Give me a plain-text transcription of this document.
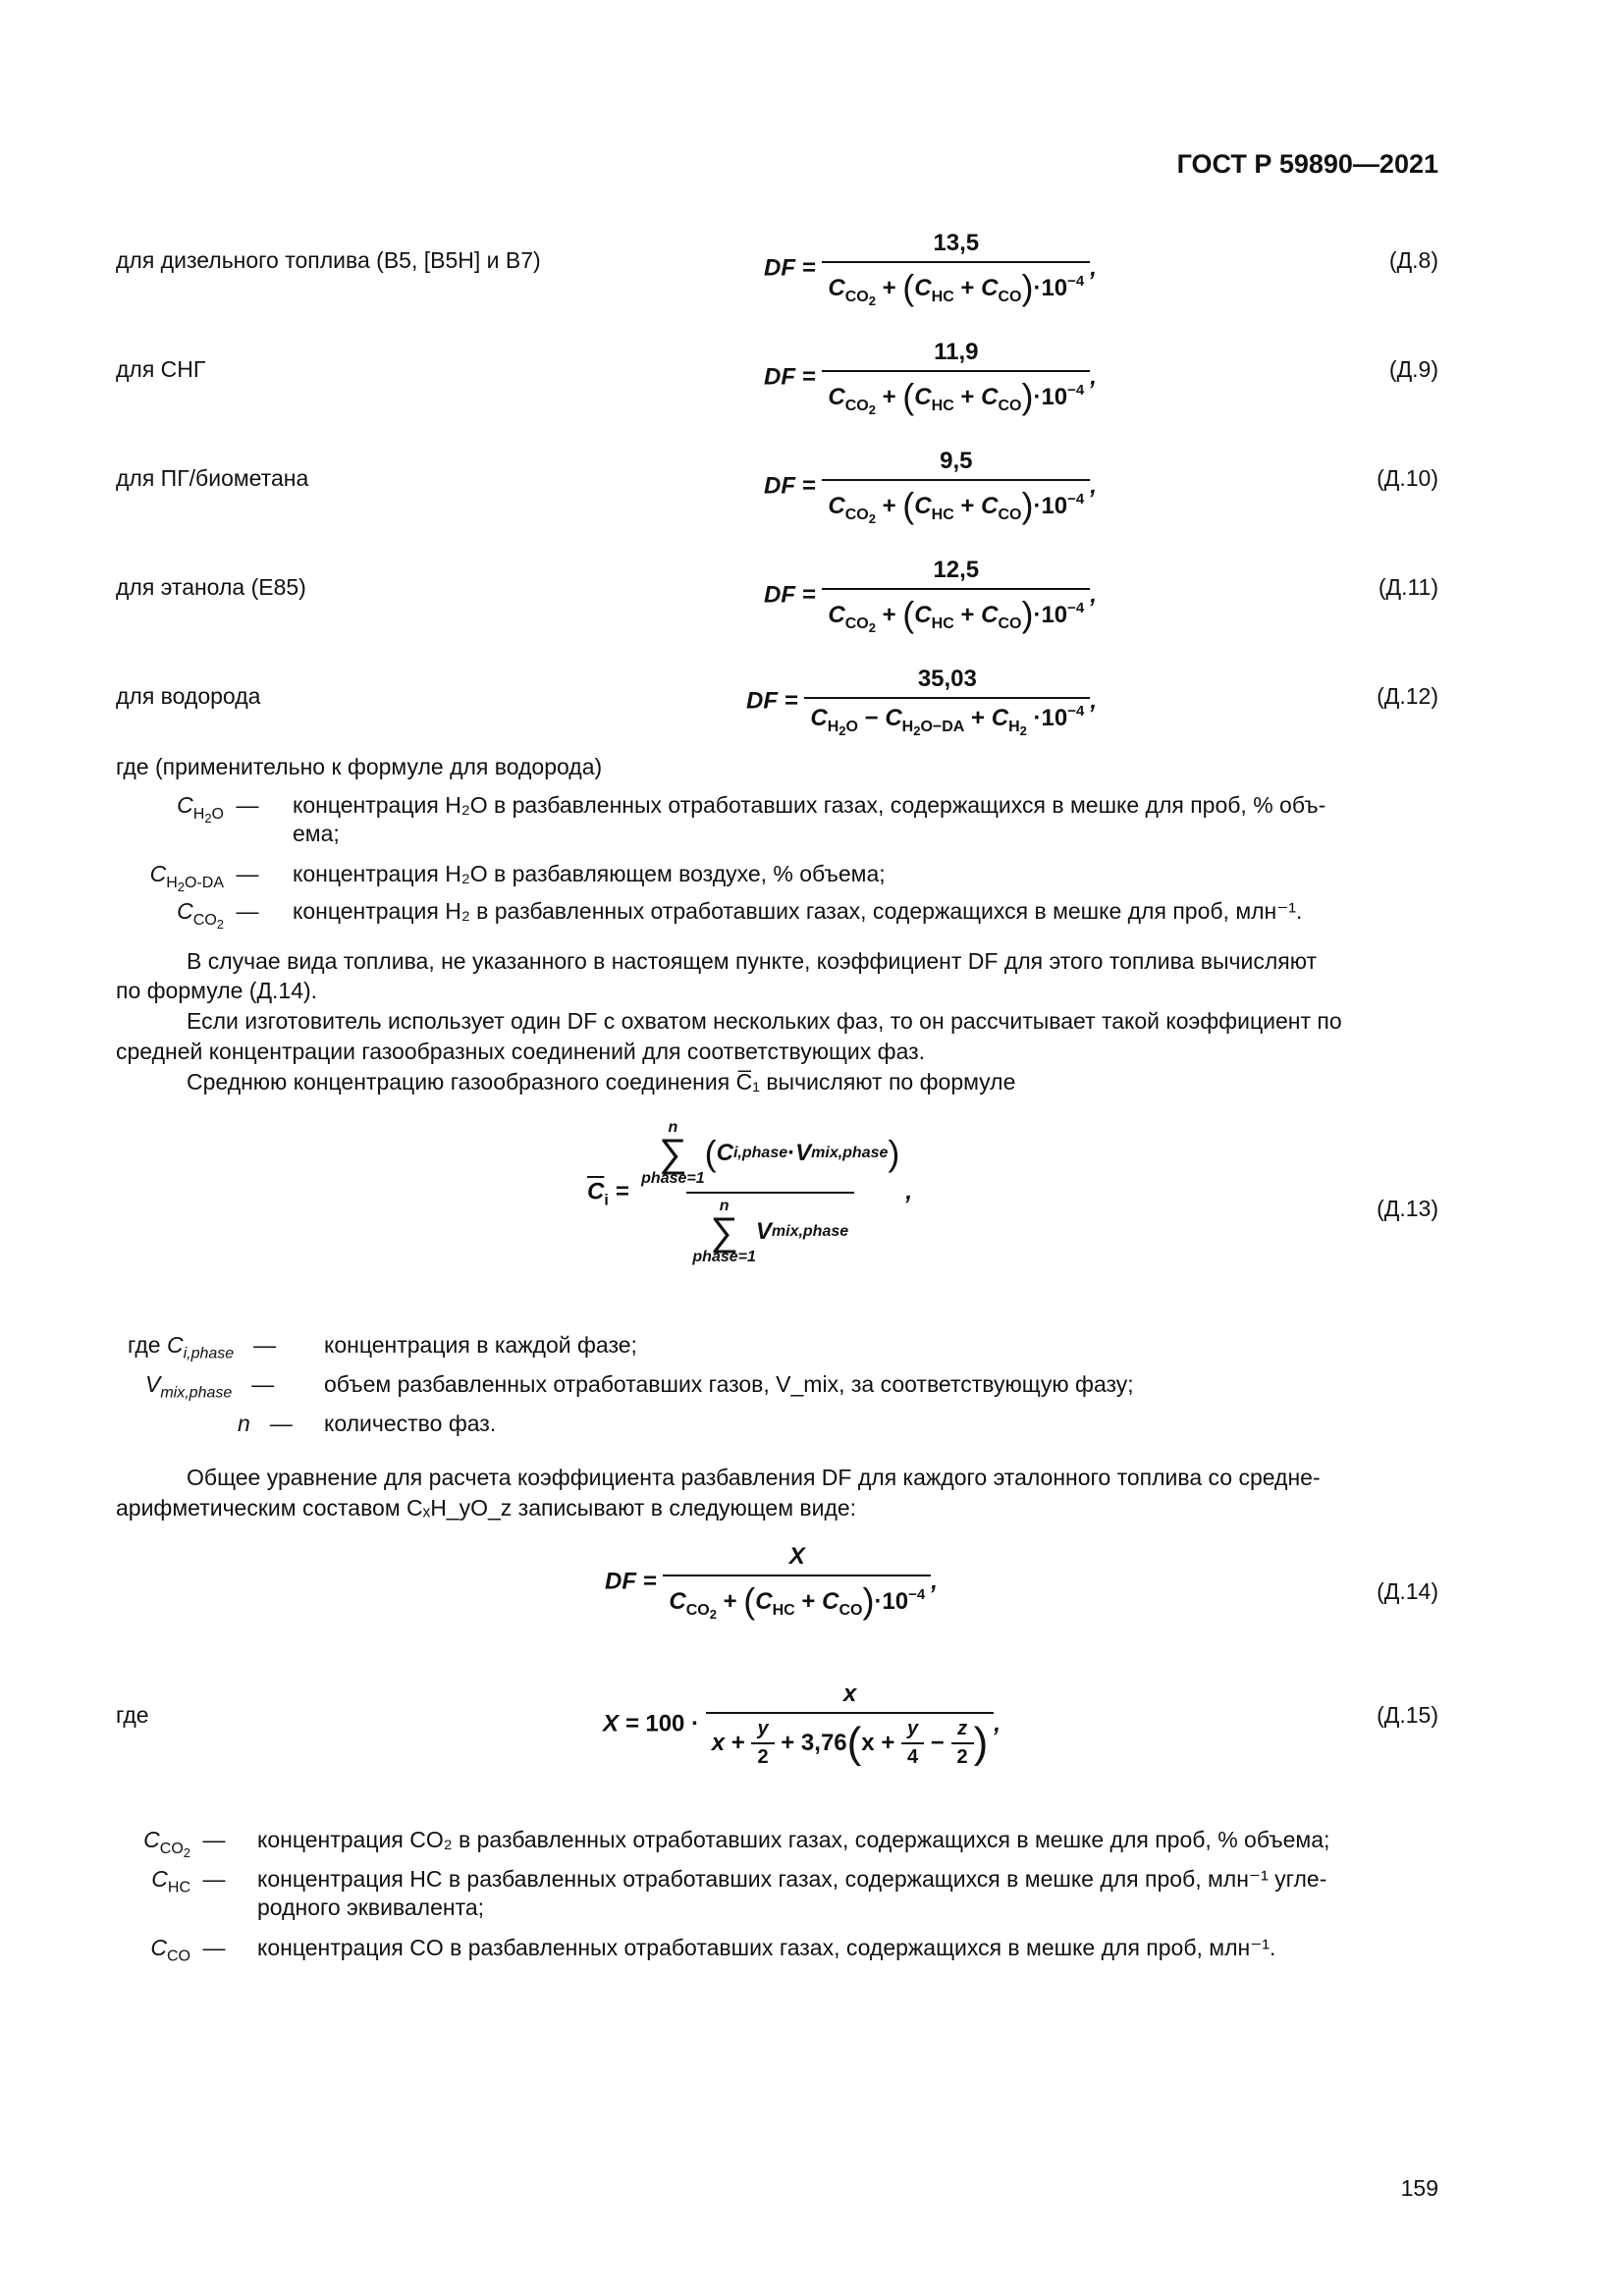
ГОСТ Р 59890—2021
для дизельного топлива (B5, [B5H] и B7)	DF = $\frac{13,5}{C_{CO_2} + (C_{HC} + C_{CO})\cdot 10^{-4}}$ ,	(Д.8)
для СНГ	DF = $\frac{11,9}{C_{CO_2} + (C_{HC} + C_{CO})\cdot 10^{-4}}$ ,	(Д.9)
для ПГ/биометана	DF = $\frac{9,5}{C_{CO_2} + (C_{HC} + C_{CO})\cdot 10^{-4}}$ ,	(Д.10)
для этанола (E85)	DF = $\frac{12,5}{C_{CO_2} + (C_{HC} + C_{CO})\cdot 10^{-4}}$ ,	(Д.11)
для водорода	DF = $\frac{35,03}{C_{H_2O} - C_{H_2O-DA} + C_{H_2} \cdot 10^{-4}}$ ,	(Д.12)
где (применительно к формуле для водорода)
$C_{H_2O}$ — концентрация H₂O в разбавленных отработавших газах, содержащихся в мешке для проб, % объ-
ема;
$C_{H_2O-DA}$ — концентрация H₂O в разбавляющем воздухе, % объема;
$C_{CO_2}—$ концентрация H₂ в разбавленных отработавших газах, содержащихся в мешке для проб, млн⁻¹.
В случае вида топлива, не указанного в настоящем пункте, коэффициент DF для этого топлива вычисляют
по формуле (Д.14).
Если изготовитель использует один DF с охватом нескольких фаз, то он рассчитывает такой коэффициент по
средней концентрации газообразных соединений для соответствующих фаз.
Среднюю концентрацию газообразного соединения C̅₁ вычисляют по формуле
$\overline{C}_i = n$
∑
phase=1
( C i,phase · V mix,phase )
n
∑
phase=1
V mix,phase ,
(Д.13)
где $C_{i,phase}$ — концентрация в каждой фазе;
$V_{mix,phase}$ — объем разбавленных отработавших газов, V_mix, за соответствующую фазу;
n — количество фаз.
Общее уравнение для расчета коэффициента разбавления DF для каждого эталонного топлива со средне-
арифметическим составом CₓH_yO_z записывают в следующем виде:
DF = $\frac{X}{C_{CO_2} + (C_{HC} + C_{CO})\cdot 10^{-4}}$ ,	(Д.14)
где	X = 100 ·
x
$x + \frac{y}{2} + 3,76$ ( $x + \frac{y}{4} - \frac{z}{2}$ ) ,	(Д.15)
$C_{CO_2}—$ концентрация CO₂ в разбавленных отработавших газах, содержащихся в мешке для проб, % объема;
$C_{HC}$ — концентрация HC в разбавленных отработавших газах, содержащихся в мешке для проб, млн⁻¹ угле-
родного эквивалента;
$C_{CO}$ — концентрация CO в разбавленных отработавших газах, содержащихся в мешке для проб, млн⁻¹.
159
